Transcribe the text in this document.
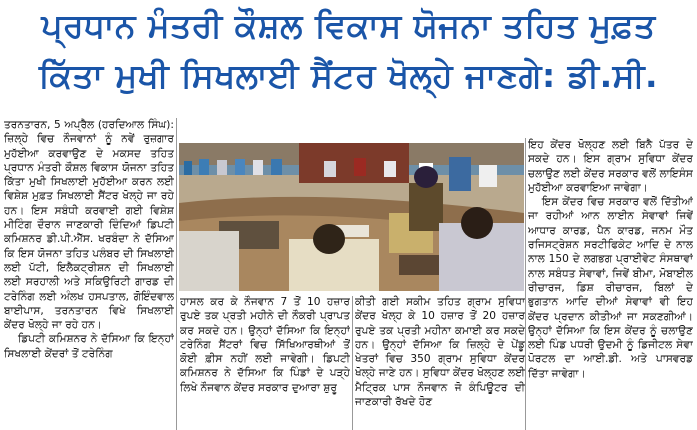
ਪ੍ਰਧਾਨ ਮੰਤਰੀ ਕੌਸ਼ਲ ਵਿਕਾਸ ਯੋਜਨਾ ਤਹਿਤ ਮੁਫ਼ਤ
ਕਿੱਤਾ ਮੁਖੀ ਸਿਖਲਾਈ ਸੈਂਟਰ ਖੋਲ੍ਹੇ ਜਾਣਗੇ: ਡੀ.ਸੀ.

ਤਰਨਤਾਰਨ, 5 ਅਪ੍ਰੈਲ (ਹਰਦਿਆਲ ਸਿੰਘ): ਜ਼ਿਲ੍ਹੇ ਵਿਚ ਨੌਜਵਾਨਾਂ ਨੂੰ ਨਵੇਂ ਰੁਜ਼ਗਾਰ ਮੁਹੱਈਆ ਕਰਵਾਉਣ ਦੇ ਮਕਸਦ ਤਹਿਤ ਪ੍ਰਧਾਨ ਮੰਤਰੀ ਕੌਸ਼ਲ ਵਿਕਾਸ ਯੋਜਨਾ ਤਹਿਤ ਕਿੱਤਾ ਮੁਖੀ ਸਿਖਲਾਈ ਮੁਹੱਈਆ ਕਰਨ ਲਈ ਵਿਸ਼ੇਸ਼ ਮੁਫ਼ਤ ਸਿਖਲਾਈ ਸੈਂਟਰ ਖੋਲ੍ਹੇ ਜਾ ਰਹੇ ਹਨ। ਇਸ ਸਬੰਧੀ ਕਰਵਾਈ ਗਈ ਵਿਸ਼ੇਸ਼ ਮੀਟਿੰਗ ਦੌਰਾਨ ਜਾਣਕਾਰੀ ਦਿੰਦਿਆਂ ਡਿਪਟੀ ਕਮਿਸ਼ਨਰ ਡੀ.ਪੀ.ਐੱਸ. ਖਰਬੰਦਾ ਨੇ ਦੱਸਿਆ ਕਿ ਇਸ ਯੋਜਨਾ ਤਹਿਤ ਪਲੰਬਰ ਦੀ ਸਿਖਲਾਈ ਲਈ ਪੱਟੀ, ਇਲੈਕਟ੍ਰੀਸ਼ਨ ਦੀ ਸਿਖਲਾਈ ਲਈ ਸਰਹਾਲੀ ਅਤੇ ਸਕਿਉਰਿਟੀ ਗਾਰਡ ਦੀ ਟਰੇਨਿੰਗ ਲਈ ਅੰਲਖ ਹਸਪਤਾਲ, ਗੋਇੰਦਵਾਲ ਬਾਈਪਾਸ, ਤਰਨਤਾਰਨ ਵਿਖੇ ਸਿਖਲਾਈ ਕੇਂਦਰ ਖੋਲ੍ਹੇ ਜਾ ਰਹੇ ਹਨ।

ਡਿਪਟੀ ਕਮਿਸ਼ਨਰ ਨੇ ਦੱਸਿਆ ਕਿ ਇਨ੍ਹਾਂ ਸਿਖਲਾਈ ਕੇਂਦਰਾਂ ਤੋਂ ਟਰੇਨਿੰਗ

ਹਾਸਲ ਕਰ ਕੇ ਨੌਜਵਾਨ 7 ਤੋਂ 10 ਹਜ਼ਾਰ ਰੁਪਏ ਤਕ ਪ੍ਰਤੀ ਮਹੀਨੇ ਦੀ ਨੌਕਰੀ ਪ੍ਰਾਪਤ ਕਰ ਸਕਦੇ ਹਨ। ਉਨ੍ਹਾਂ ਦੱਸਿਆ ਕਿ ਇਨ੍ਹਾਂ ਟਰੇਨਿੰਗ ਸੈਂਟਰਾਂ ਵਿਚ ਸਿੱਖਿਆਰਥੀਆਂ ਤੋਂ ਕੋਈ ਫ਼ੀਸ ਨਹੀਂ ਲਈ ਜਾਵੇਗੀ। ਡਿਪਟੀ ਕਮਿਸ਼ਨਰ ਨੇ ਦੱਸਿਆ ਕਿ ਪਿੰਡਾਂ ਦੇ ਪੜ੍ਹੇ ਲਿਖੇ ਨੌਜਵਾਨ ਕੇਂਦਰ ਸਰਕਾਰ ਦੁਆਰਾ ਸ਼ੁਰੂ

ਕੀਤੀ ਗਈ ਸਕੀਮ ਤਹਿਤ ਗ੍ਰਾਮ ਸੁਵਿਧਾ ਕੇਂਦਰ ਖੋਲ੍ਹ ਕੇ 10 ਹਜ਼ਾਰ ਤੋਂ 20 ਹਜ਼ਾਰ ਰੁਪਏ ਤਕ ਪ੍ਰਤੀ ਮਹੀਨਾ ਕਮਾਈ ਕਰ ਸਕਦੇ ਹਨ। ਉਨ੍ਹਾਂ ਦੱਸਿਆ ਕਿ ਜ਼ਿਲ੍ਹੇ ਦੇ ਪੇਂਡੂ ਖੇਤਰਾਂ ਵਿਚ 350 ਗ੍ਰਾਮ ਸੁਵਿਧਾ ਕੇਂਦਰ ਖੋਲ੍ਹੇ ਜਾਣੇ ਹਨ। ਸੁਵਿਧਾ ਕੇਂਦਰ ਖੋਲ੍ਹਣ ਲਈ ਮੈਟ੍ਰਿਕ ਪਾਸ ਨੌਜਵਾਨ ਜੋ ਕੰਪਿਊਟਰ ਦੀ ਜਾਣਕਾਰੀ ਰੱਖਦੇ ਹੋਣ

ਇਹ ਕੇਂਦਰ ਖੋਲ੍ਹਣ ਲਈ ਬਿਨੈ ਪੱਤਰ ਦੇ ਸਕਦੇ ਹਨ। ਇਸ ਗ੍ਰਾਮ ਸੁਵਿਧਾ ਕੇਂਦਰ ਚਲਾਉਣ ਲਈ ਕੇਂਦਰ ਸਰਕਾਰ ਵਲੋਂ ਲਾਇਸੰਸ ਮੁਹੱਈਆ ਕਰਵਾਇਆ ਜਾਵੇਗਾ।

ਇਸ ਕੇਂਦਰ ਵਿਚ ਸਰਕਾਰ ਵਲੋਂ ਦਿੱਤੀਆਂ ਜਾ ਰਹੀਆਂ ਆਨ ਲਾਈਨ ਸੇਵਾਵਾਂ ਜਿਵੇਂ ਆਧਾਰ ਕਾਰਡ, ਪੈਨ ਕਾਰਡ, ਜਨਮ ਮੌਤ ਰਜਿਸਟ੍ਰੇਸ਼ਨ ਸਰਟੀਫਿਕੇਟ ਆਦਿ ਦੇ ਨਾਲ ਨਾਲ 150 ਦੇ ਲਗਭਗ ਪ੍ਰਾਈਵੇਟ ਸੰਸਥਾਵਾਂ ਨਾਲ ਸਬੰਧਤ ਸੇਵਾਵਾਂ, ਜਿਵੇਂ ਬੀਮਾ, ਮੋਬਾਈਲ ਰੀਚਾਰਜ, ਡਿਸ਼ ਰੀਚਾਰਜ, ਬਿਲਾਂ ਦੇ ਭੁਗਤਾਨ ਆਦਿ ਦੀਆਂ ਸੇਵਾਵਾਂ ਵੀ ਇਹ ਕੇਂਦਰ ਪ੍ਰਦਾਨ ਕੀਤੀਆਂ ਜਾ ਸਕਣਗੀਆਂ। ਉਨ੍ਹਾਂ ਦੱਸਿਆ ਕਿ ਇਸ ਕੇਂਦਰ ਨੂੰ ਚਲਾਉਣ ਲਈ ਪਿੰਡ ਪਧਰੀ ਉਦਮੀ ਨੂੰ ਡਿਜੀਟਲ ਸੇਵਾ ਪੋਰਟਲ ਦਾ ਆਈ.ਡੀ. ਅਤੇ ਪਾਸਵਰਡ ਦਿੱਤਾ ਜਾਵੇਗਾ।
